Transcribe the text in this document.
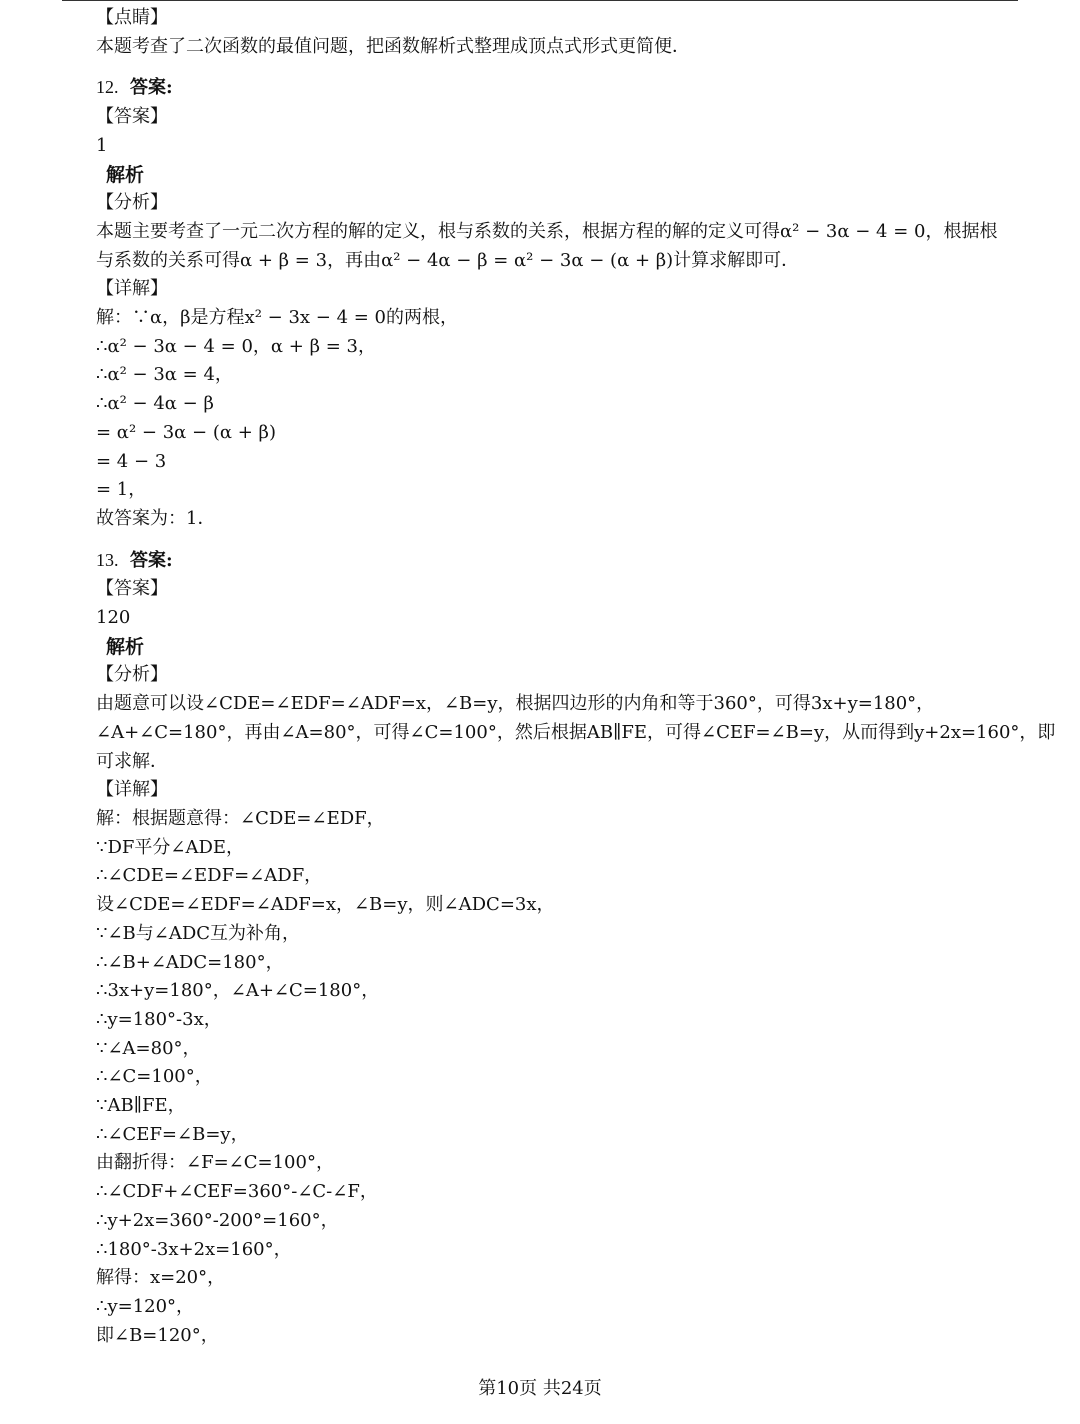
【点睛】
本题考查了二次函数的最值问题，把函数解析式整理成顶点式形式更简便．
12. 答案:
【答案】
1
解析
【分析】
本题主要考查了一元二次方程的解的定义，根与系数的关系，根据方程的解的定义可得α² − 3α − 4 = 0，根据根
与系数的关系可得α + β = 3，再由α² − 4α − β = α² − 3α − (α + β)计算求解即可．
【详解】
解：∵α，β是方程x² − 3x − 4 = 0的两根，
∴α² − 3α − 4 = 0，α + β = 3，
∴α² − 3α = 4，
∴α² − 4α − β
= α² − 3α − (α + β)
= 4 − 3
= 1，
故答案为：1．
13. 答案:
【答案】
120
解析
【分析】
由题意可以设∠CDE=∠EDF=∠ADF=x，∠B=y，根据四边形的内角和等于360°，可得3x+y=180°，
∠A+∠C=180°，再由∠A=80°，可得∠C=100°，然后根据AB∥FE，可得∠CEF=∠B=y，从而得到y+2x=160°，即
可求解．
【详解】
解：根据题意得：∠CDE=∠EDF，
∵DF平分∠ADE，
∴∠CDE=∠EDF=∠ADF，
设∠CDE=∠EDF=∠ADF=x，∠B=y，则∠ADC=3x，
∵∠B与∠ADC互为补角，
∴∠B+∠ADC=180°，
∴3x+y=180°，∠A+∠C=180°，
∴y=180°-3x，
∵∠A=80°，
∴∠C=100°，
∵AB∥FE，
∴∠CEF=∠B=y，
由翻折得：∠F=∠C=100°，
∴∠CDF+∠CEF=360°-∠C-∠F，
∴y+2x=360°-200°=160°，
∴180°-3x+2x=160°，
解得：x=20°，
∴y=120°，
即∠B=120°，
第10页 共24页
